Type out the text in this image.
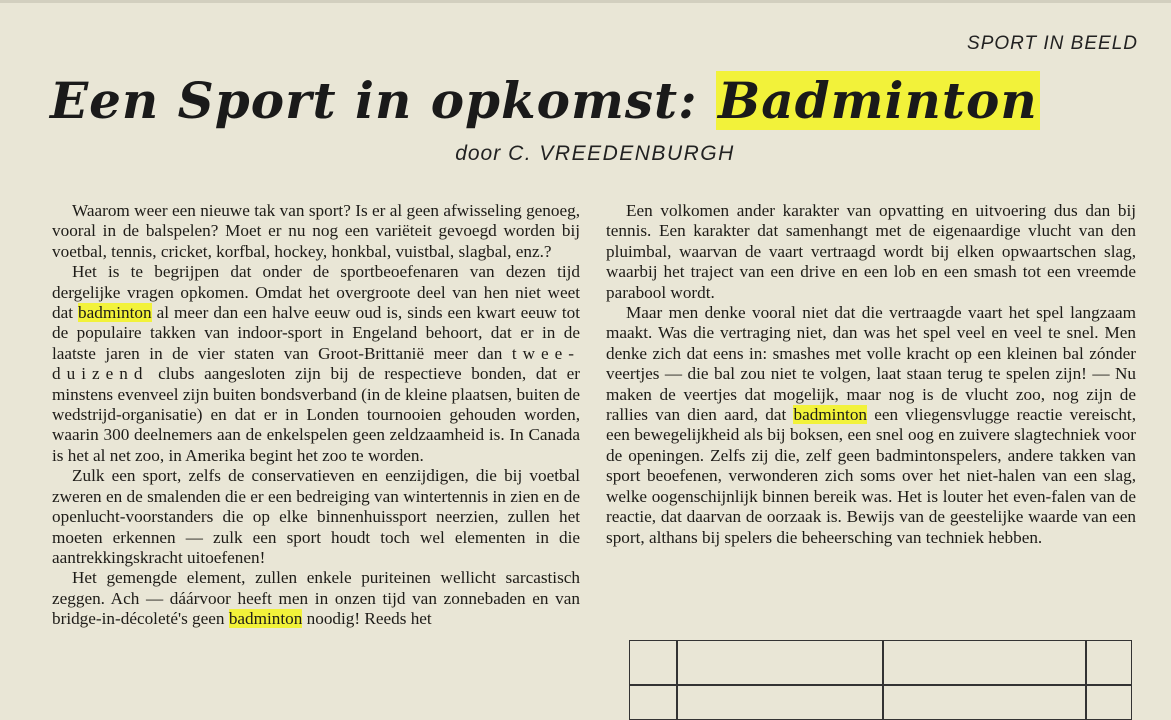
SPORT IN BEELD
Een Sport in opkomst: Badminton
door C. VREEDENBURGH

Waarom weer een nieuwe tak van sport? Is er al geen afwisseling genoeg, vooral in de balspelen? Moet er nu nog een variëteit gevoegd worden bij voetbal, tennis, cricket, korfbal, hockey, honkbal, vuistbal, slagbal, enz.?

Het is te begrijpen dat onder de sportbeoefenaren van dezen tijd dergelijke vragen opkomen. Omdat het overgroote deel van hen niet weet dat badminton al meer dan een halve eeuw oud is, sinds een kwart eeuw tot de populaire takken van indoor-sport in Engeland behoort, dat er in de laatste jaren in de vier staten van Groot-Brittanië meer dan twee-duizend clubs aangesloten zijn bij de respectieve bonden, dat er minstens evenveel zijn buiten bondsverband (in de kleine plaatsen, buiten de wedstrijd-organisatie) en dat er in Londen tournooien gehouden worden, waarin 300 deelnemers aan de enkelspelen geen zeldzaamheid is. In Canada is het al net zoo, in Amerika begint het zoo te worden.

Zulk een sport, zelfs de conservatieven en eenzijdigen, die bij voetbal zweren en de smalenden die er een bedreiging van wintertennis in zien en de openlucht-voorstanders die op elke binnenhuissport neerzien, zullen het moeten erkennen — zulk een sport houdt toch wel elementen in die aantrekkingskracht uitoefenen!

Het gemengde element, zullen enkele puriteinen wellicht sarcastisch zeggen. Ach — dáárvoor heeft men in onzen tijd van zonnebaden en van bridge-in-décoleté's geen badminton noodig! Reeds het

Een volkomen ander karakter van opvatting en uitvoering dus dan bij tennis. Een karakter dat samenhangt met de eigenaardige vlucht van den pluimbal, waarvan de vaart vertraagd wordt bij elken opwaartschen slag, waarbij het traject van een drive en een lob en een smash tot een vreemde parabool wordt.

Maar men denke vooral niet dat die vertraagde vaart het spel langzaam maakt. Was die vertraging niet, dan was het spel veel en veel te snel. Men denke zich dat eens in: smashes met volle kracht op een kleinen bal zónder veertjes — die bal zou niet te volgen, laat staan terug te spelen zijn! — Nu maken de veertjes dat mogelijk, maar nog is de vlucht zoo, nog zijn de rallies van dien aard, dat badminton een vliegensvlugge reactie vereischt, een bewegelijkheid als bij boksen, een snel oog en zuivere slagtechniek voor de openingen. Zelfs zij die, zelf geen badmintonspelers, andere takken van sport beoefenen, verwonderen zich soms over het niet-halen van een slag, welke oogenschijnlijk binnen bereik was. Het is louter het even-falen van de reactie, dat daarvan de oorzaak is. Bewijs van de geestelijke waarde van een sport, althans bij spelers die beheersching van techniek hebben.
